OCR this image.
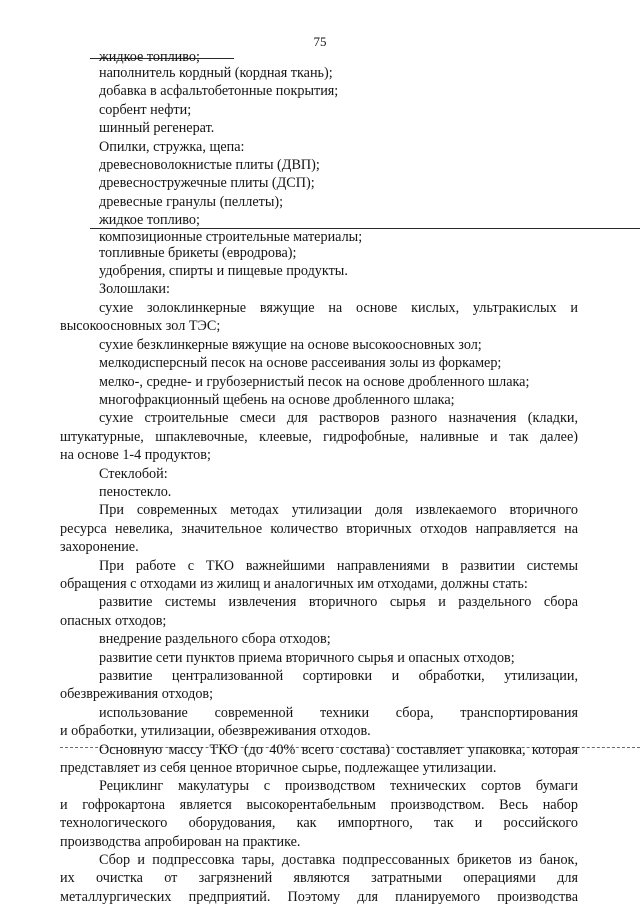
75
жидкое топливо;
наполнитель кордный (кордная ткань);
добавка в асфальтобетонные покрытия;
сорбент нефти;
шинный регенерат.
Опилки, стружка, щепа:
древесноволокнистые плиты (ДВП);
древесностружечные плиты (ДСП);
древесные гранулы (пеллеты);
жидкое топливо;
композиционные строительные материалы;
топливные брикеты (евродрова);
удобрения, спирты и пищевые продукты.
Золошлаки:
сухие золоклинкерные вяжущие на основе кислых, ультракислых и
высокоосновных зол ТЭС;
сухие безклинкерные вяжущие на основе высокоосновных зол;
мелкодисперсный песок на основе рассеивания золы из форкамер;
мелко-, средне- и грубозернистый песок на основе дробленного шлака;
многофракционный щебень на основе дробленного шлака;
сухие строительные смеси для растворов разного назначения (кладки,
штукатурные, шпаклевочные, клеевые, гидрофобные, наливные и так далее)
на основе 1-4 продуктов;
Стеклобой:
пеностекло.
При современных методах утилизации доля извлекаемого вторичного
ресурса невелика, значительное количество вторичных отходов направляется на
захоронение.
При работе с ТКО важнейшими направлениями в развитии системы
обращения с отходами из жилищ и аналогичных им отходами, должны стать:
развитие системы извлечения вторичного сырья и раздельного сбора
опасных отходов;
внедрение раздельного сбора отходов;
развитие сети пунктов приема вторичного сырья и опасных отходов;
развитие централизованной сортировки и обработки, утилизации,
обезвреживания отходов;
использование современной техники сбора, транспортирования
и обработки, утилизации, обезвреживания отходов.
Основную массу ТКО (до 40% всего состава) составляет упаковка, которая
представляет из себя ценное вторичное сырье, подлежащее утилизации.
Рециклинг макулатуры с производством технических сортов бумаги
и гофрокартона является высокорентабельным производством. Весь набор
технологического оборудования, как импортного, так и российского
производства апробирован на практике.
Сбор и подпрессовка тары, доставка подпрессованных брикетов из банок,
их очистка от загрязнений являются затратными операциями для
металлургических предприятий. Поэтому для планируемого производства
